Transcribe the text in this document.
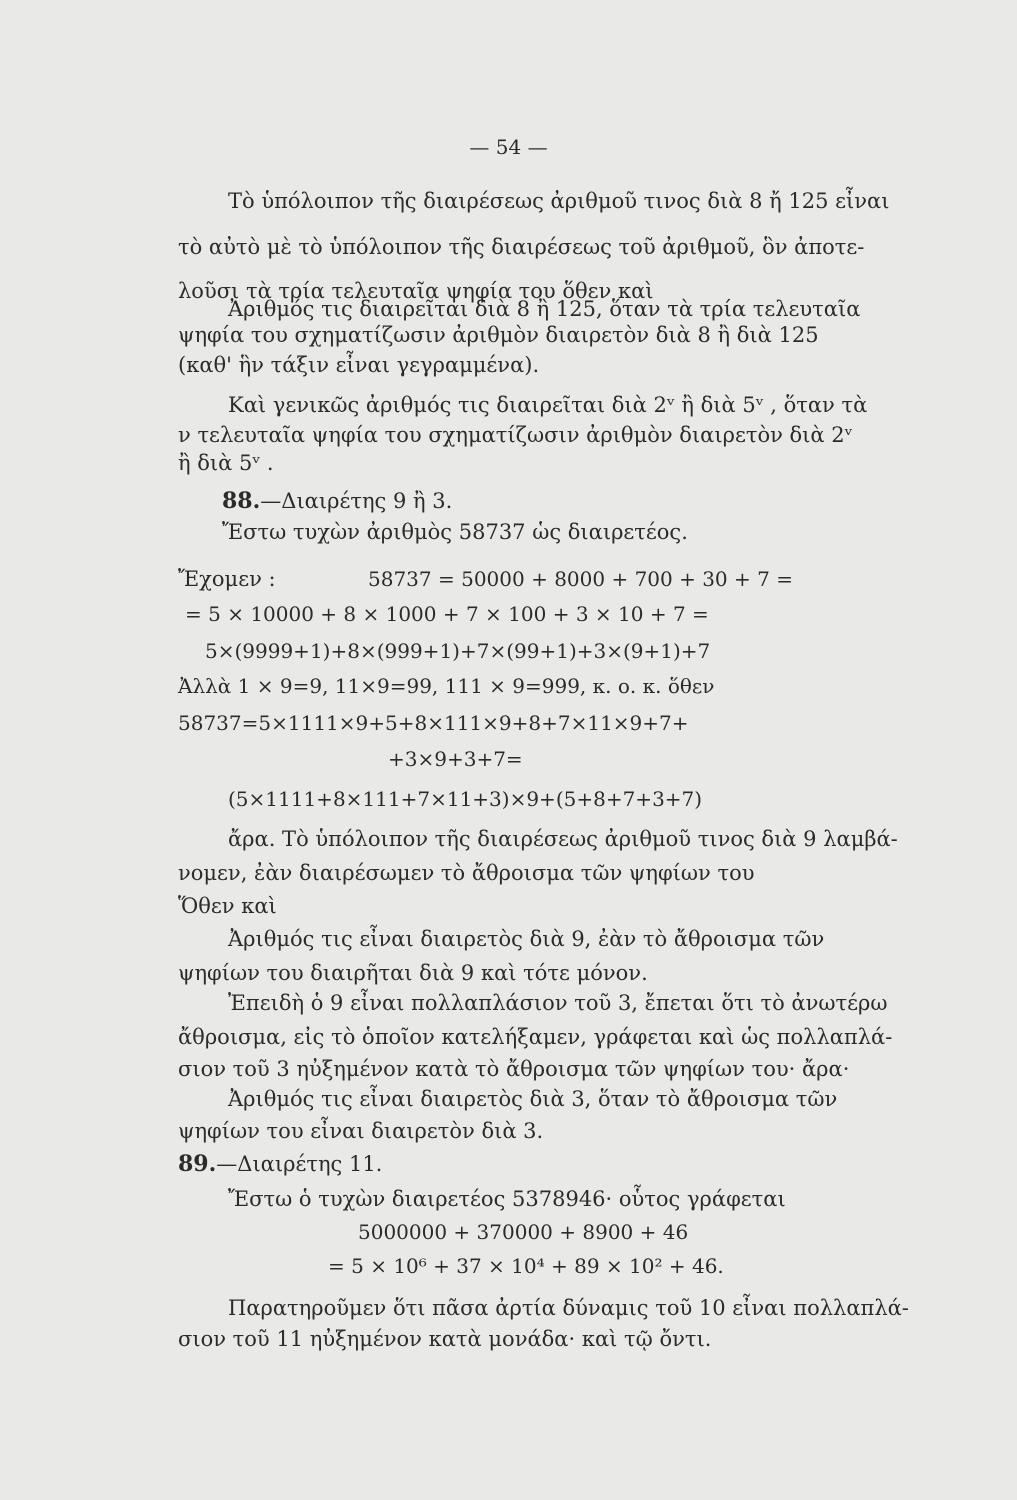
— 54 —
Τὸ ὑπόλοιπον τῆς διαιρέσεως ἀριθμοῦ τινος διὰ 8 ἤ 125 εἶναι
τὸ αὐτὸ μὲ τὸ ὑπόλοιπον τῆς διαιρέσεως τοῦ ἀριθμοῦ, ὃν ἀποτε-
λοῦσι τὰ τρία τελευταῖα ψηφία του ὅθεν καὶ
Ἀριθμός τις διαιρεῖται διὰ 8 ἢ 125, ὅταν τὰ τρία τελευταῖα
ψηφία του σχηματίζωσιν ἀριθμὸν διαιρετὸν διὰ 8 ἢ διὰ 125
(καθ' ἣν τάξιν εἶναι γεγραμμένα).
Καὶ γενικῶς ἀριθμός τις διαιρεῖται διὰ 2ᵛ ἢ διὰ 5ᵛ , ὅταν τὰ
ν τελευταῖα ψηφία του σχηματίζωσιν ἀριθμὸν διαιρετὸν διὰ 2ᵛ
ἢ διὰ 5ᵛ .
88.—Διαιρέτης 9 ἢ 3.
Ἔστω τυχὼν ἀριθμὸς 58737 ὡς διαιρετέος.
Ἔχομεν :	58737 = 50000 + 8000 + 700 + 30 + 7 =
= 5 × 10000 + 8 × 1000 + 7 × 100 + 3 × 10 + 7 =
5×(9999+1)+8×(999+1)+7×(99+1)+3×(9+1)+7
Ἀλλὰ 1 × 9=9, 11×9=99, 111 × 9=999, κ. ο. κ. ὅθεν
58737=5×1111×9+5+8×111×9+8+7×11×9+7+
+3×9+3+7=
(5×1111+8×111+7×11+3)×9+(5+8+7+3+7)
ἄρα. Τὸ ὑπόλοιπον τῆς διαιρέσεως ἀριθμοῦ τινος διὰ 9 λαμβά-
νομεν, ἐὰν διαιρέσωμεν τὸ ἄθροισμα τῶν ψηφίων του
Ὅθεν καὶ
Ἀριθμός τις εἶναι διαιρετὸς διὰ 9, ἐὰν τὸ ἄθροισμα τῶν
ψηφίων του διαιρῆται διὰ 9 καὶ τότε μόνον.
Ἐπειδὴ ὁ 9 εἶναι πολλαπλάσιον τοῦ 3, ἔπεται ὅτι τὸ ἀνωτέρω
ἄθροισμα, εἰς τὸ ὁποῖον κατελήξαμεν, γράφεται καὶ ὡς πολλαπλά-
σιον τοῦ 3 ηὐξημένον κατὰ τὸ ἄθροισμα τῶν ψηφίων του· ἄρα·
Ἀριθμός τις εἶναι διαιρετὸς διὰ 3, ὅταν τὸ ἄθροισμα τῶν
ψηφίων του εἶναι διαιρετὸν διὰ 3.
89.—Διαιρέτης 11.
Ἔστω ὁ τυχὼν διαιρετέος 5378946· οὗτος γράφεται
5000000 + 370000 + 8900 + 46
= 5 × 10⁶ + 37 × 10⁴ + 89 × 10² + 46.
Παρατηροῦμεν ὅτι πᾶσα ἀρτία δύναμις τοῦ 10 εἶναι πολλαπλά-
σιον τοῦ 11 ηὐξημένον κατὰ μονάδα· καὶ τῷ ὄντι.
